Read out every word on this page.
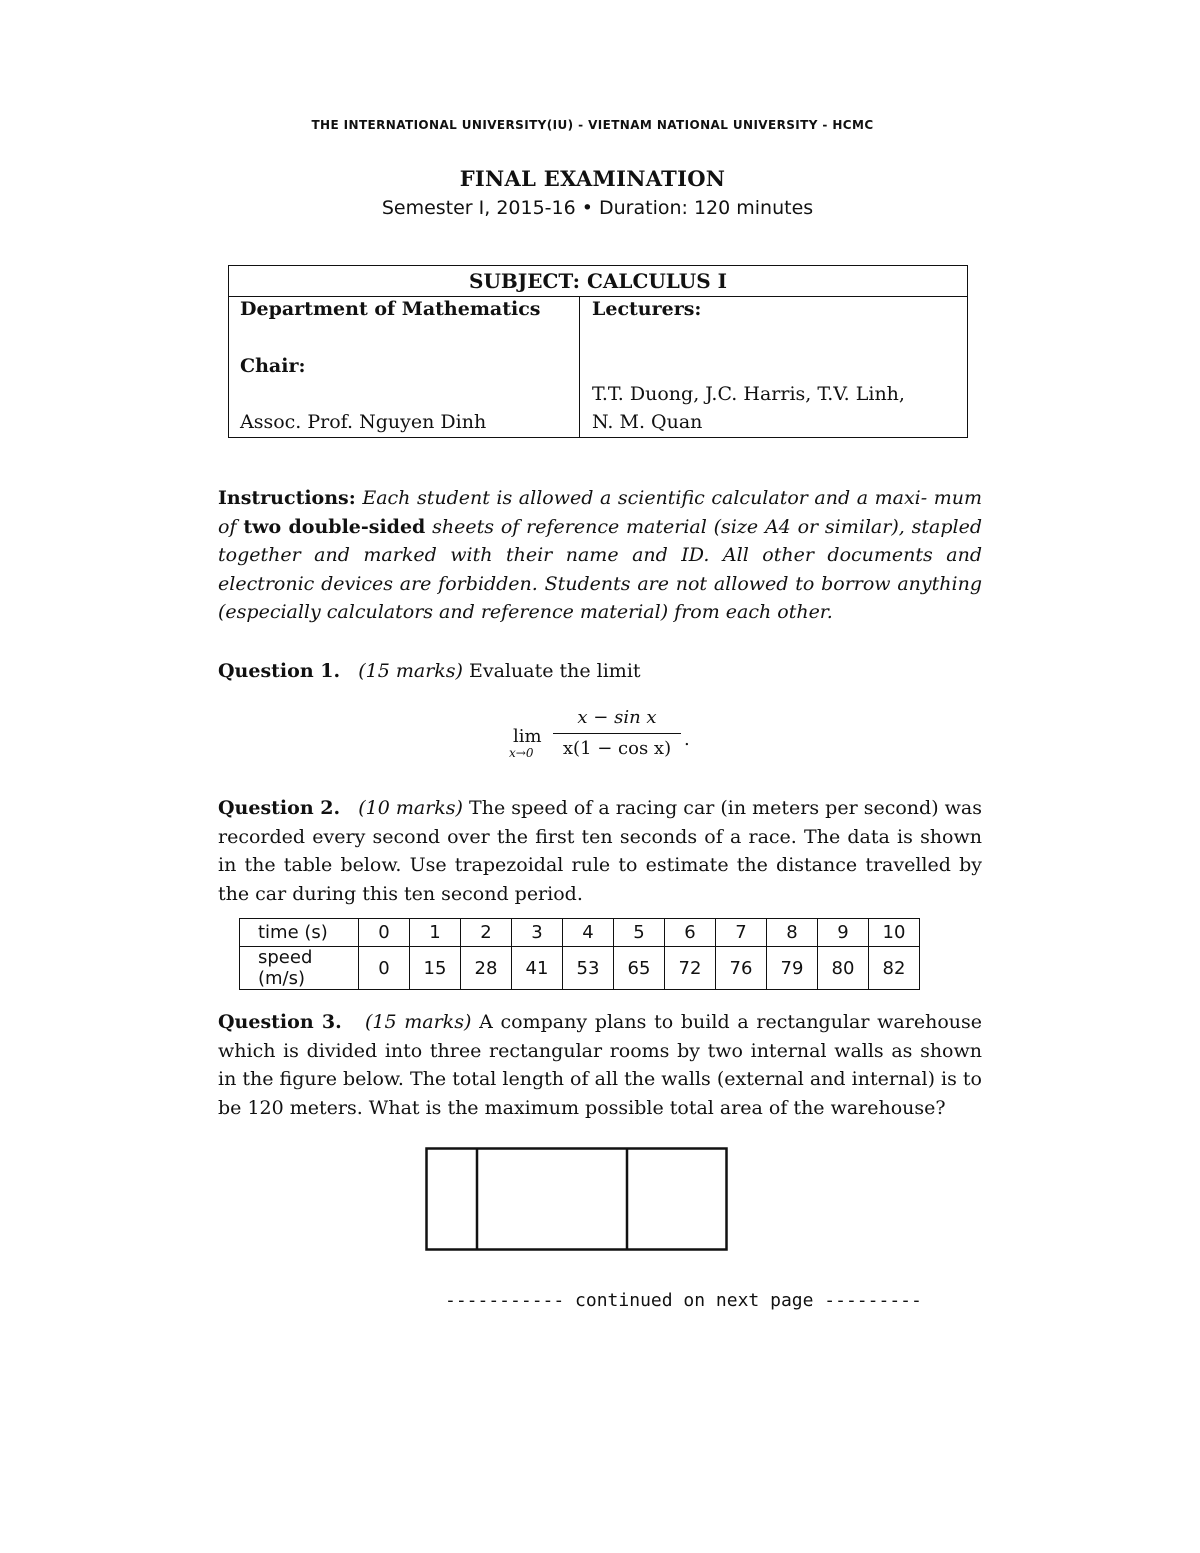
THE INTERNATIONAL UNIVERSITY(IU) - VIETNAM NATIONAL UNIVERSITY - HCMC
FINAL EXAMINATION
Semester I, 2015-16 • Duration: 120 minutes
SUBJECT: CALCULUS I
Department of Mathematics
Chair:
Assoc. Prof. Nguyen Dinh
Lecturers:
T.T. Duong, J.C. Harris, T.V. Linh,
N. M. Quan
Instructions: Each student is allowed a scientific calculator and a maxi- mum of two double-sided sheets of reference material (size A4 or similar), stapled together and marked with their name and ID. All other documents and electronic devices are forbidden. Students are not allowed to borrow anything (especially calculators and reference material) from each other.
Question 1. (15 marks) Evaluate the limit
lim
x→0
x − sin x
x(1 − cos x) .
Question 2. (10 marks) The speed of a racing car (in meters per second) was recorded every second over the first ten seconds of a race. The data is shown in the table below. Use trapezoidal rule to estimate the distance travelled by the car during this ten second period.
time (s)	0	1	2	3	4	5	6	7	8	9	10
speed (m/s)	0	15	28	41	53	65	72	76	79	80	82
Question 3. (15 marks) A company plans to build a rectangular warehouse which is divided into three rectangular rooms by two internal walls as shown in the figure below. The total length of all the walls (external and internal) is to be 120 meters. What is the maximum possible total area of the warehouse?
----------- continued on next page ---------
